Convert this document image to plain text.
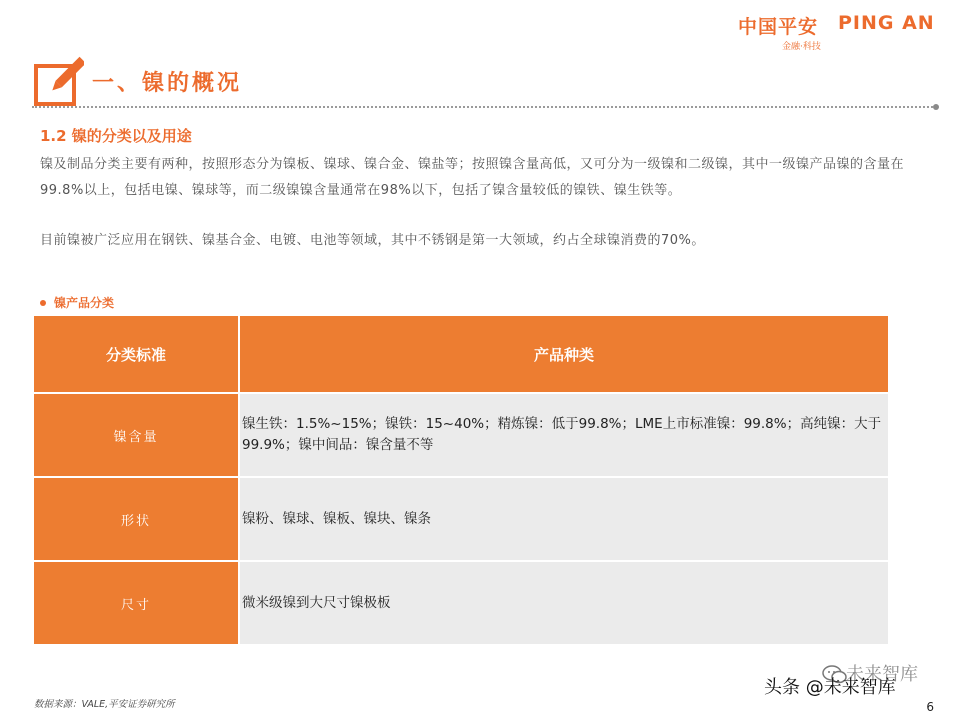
中国平安 PING AN
金融·科技
一、镍的概况
1.2 镍的分类以及用途
镍及制品分类主要有两种，按照形态分为镍板、镍球、镍合金、镍盐等；按照镍含量高低，又可分为一级镍和二级镍，其中一级镍产品镍的含量在99.8%以上，包括电镍、镍球等，而二级镍镍含量通常在98%以下，包括了镍含量较低的镍铁、镍生铁等。
目前镍被广泛应用在钢铁、镍基合金、电镀、电池等领域，其中不锈钢是第一大领域，约占全球镍消费的70%。
镍产品分类
分类标准	产品种类
镍含量	镍生铁：1.5%~15%；镍铁：15~40%；精炼镍：低于99.8%；LME上市标准镍：99.8%；高纯镍：大于99.9%；镍中间品：镍含量不等
形状	镍粉、镍球、镍板、镍块、镍条
尺寸	微米级镍到大尺寸镍极板
数据来源：VALE,平安证券研究所
未来智库
头条 @未来智库
6
